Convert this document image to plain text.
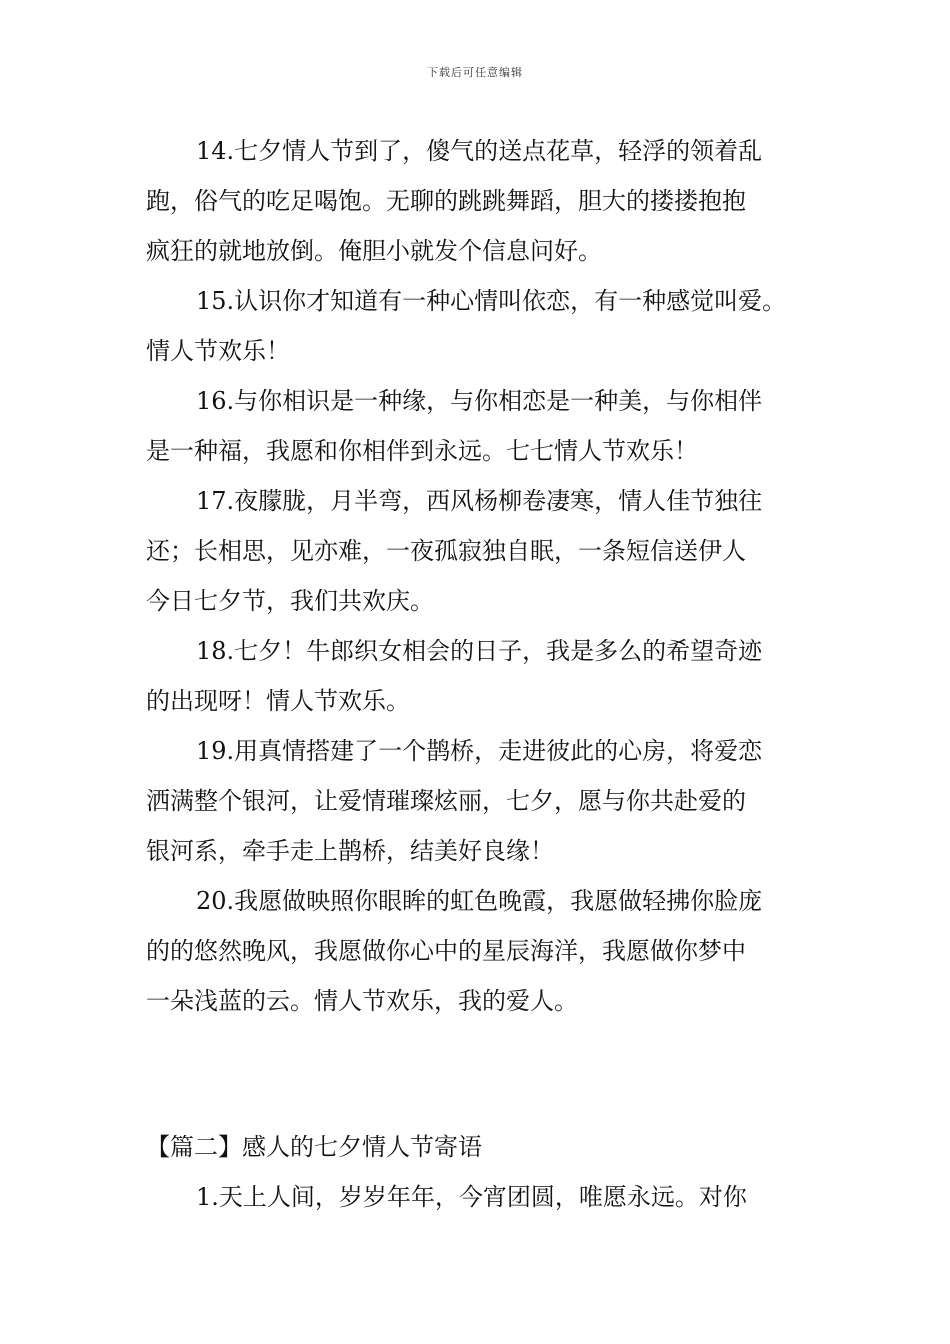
下载后可任意编辑

14.七夕情人节到了，傻气的送点花草，轻浮的领着乱
跑，俗气的吃足喝饱。无聊的跳跳舞蹈，胆大的搂搂抱抱
疯狂的就地放倒。俺胆小就发个信息问好。

15.认识你才知道有一种心情叫依恋，有一种感觉叫爱。
情人节欢乐！

16.与你相识是一种缘，与你相恋是一种美，与你相伴
是一种福，我愿和你相伴到永远。七七情人节欢乐！

17.夜朦胧，月半弯，西风杨柳卷凄寒，情人佳节独往
还；长相思，见亦难，一夜孤寂独自眠，一条短信送伊人
今日七夕节，我们共欢庆。

18.七夕！牛郎织女相会的日子，我是多么的希望奇迹
的出现呀！情人节欢乐。

19.用真情搭建了一个鹊桥，走进彼此的心房，将爱恋
洒满整个银河，让爱情璀璨炫丽，七夕，愿与你共赴爱的
银河系，牵手走上鹊桥，结美好良缘！

20.我愿做映照你眼眸的虹色晚霞，我愿做轻拂你脸庞
的的悠然晚风，我愿做你心中的星辰海洋，我愿做你梦中
一朵浅蓝的云。情人节欢乐，我的爱人。

【篇二】感人的七夕情人节寄语

1.天上人间，岁岁年年，今宵团圆，唯愿永远。对你
